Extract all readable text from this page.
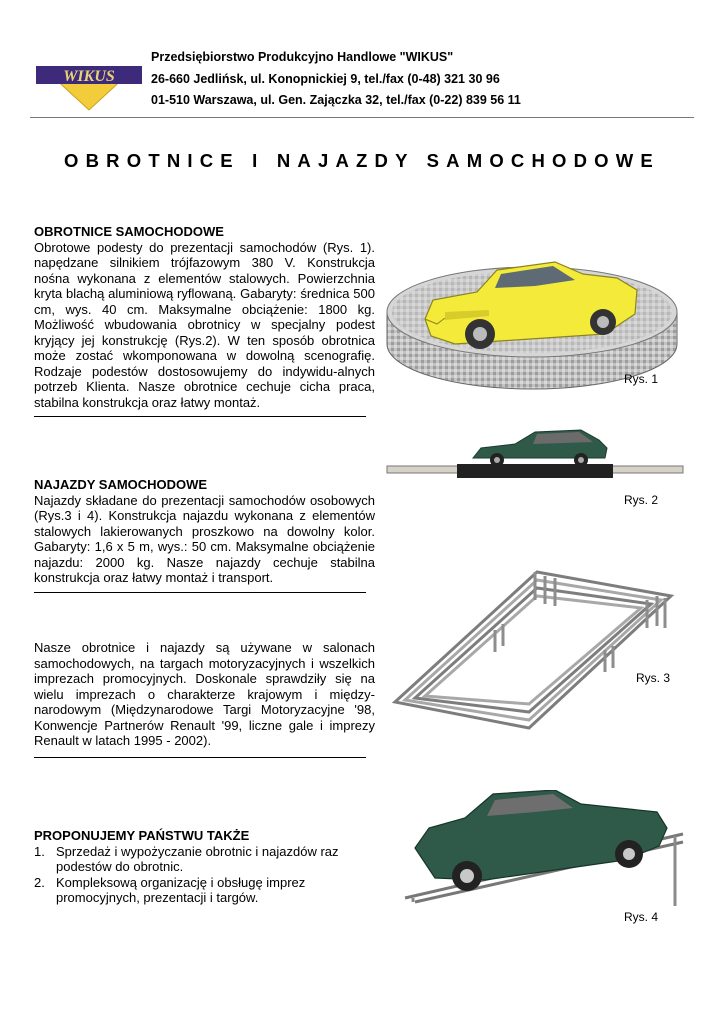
WIKUS
Przedsiębiorstwo Produkcyjno Handlowe "WIKUS"
26-660 Jedlińsk, ul. Konopnickiej 9, tel./fax (0-48) 321 30 96
01-510 Warszawa, ul. Gen. Zajączka 32, tel./fax (0-22) 839 56 11
OBROTNICE I NAJAZDY SAMOCHODOWE
OBROTNICE SAMOCHODOWE

Obrotowe podesty do prezentacji samochodów (Rys. 1). napędzane silnikiem trójfazowym 380 V. Konstrukcja nośna wykonana z elementów stalowych. Powierzchnia kryta blachą aluminiową ryflowaną. Gabaryty: średnica 500 cm, wys. 40 cm. Maksymalne obciążenie: 1800 kg. Możliwość wbudowania obrotnicy w specjalny podest kryjący jej konstrukcję (Rys.2). W ten sposób obrotnica może zostać wkomponowana w dowolną scenografię. Rodzaje podestów dostosowujemy do indywidu-alnych potrzeb Klienta. Nasze obrotnice cechuje cicha praca, stabilna konstrukcja oraz łatwy montaż.

NAJAZDY SAMOCHODOWE

Najazdy składane do prezentacji samochodów osobowych (Rys.3 i 4). Konstrukcja najazdu wykonana z elementów stalowych lakierowanych proszkowo na dowolny kolor. Gabaryty: 1,6 x 5 m, wys.: 50 cm. Maksymalne obciążenie najazdu: 2000 kg. Nasze najazdy cechuje stabilna konstrukcja oraz łatwy montaż i transport.

Nasze obrotnice i najazdy są używane w salonach samochodowych, na targach motoryzacyjnych i wszelkich imprezach promocyjnych. Doskonale sprawdziły się na wielu imprezach o charakterze krajowym i między-narodowym (Międzynarodowe Targi Motoryzacyjne '98, Konwencje Partnerów Renault '99, liczne gale i imprezy Renault w latach 1995 - 2002).

PROPONUJEMY PAŃSTWU TAKŻE
1. Sprzedaż i wypożyczanie obrotnic i najazdów raz podestów do obrotnic.
2. Kompleksową organizację i obsługę imprez promocyjnych, prezentacji i targów.
Rys. 1
Rys. 2
Rys. 3
Rys. 4
